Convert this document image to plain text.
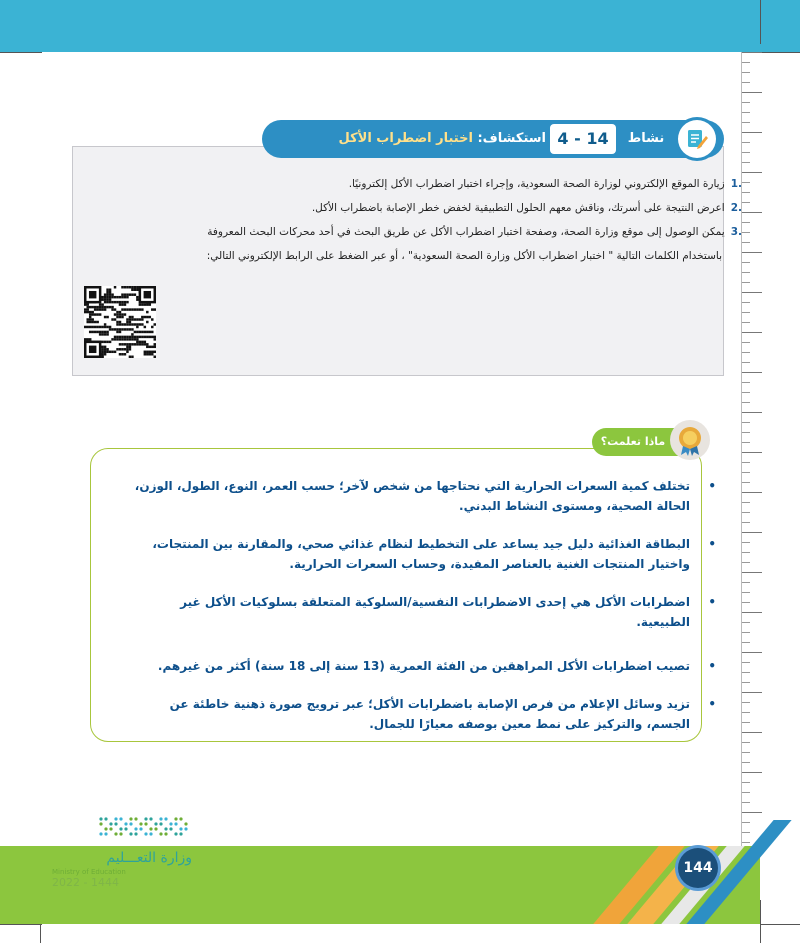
نشاط
4 - 14
استكشاف: اختبار اضطراب الأكل
.1زيارة الموقع الإلكتروني لوزارة الصحة السعودية، وإجراء اختبار اضطراب الأكل إلكترونيًا.
.2اعرض النتيجة على أسرتك، وناقش معهم الحلول التطبيقية لخفض خطر الإصابة باضطراب الأكل.
.3يمكن الوصول إلى موقع وزارة الصحة، وصفحة اختبار اضطراب الأكل عن طريق البحث في أحد محركات البحث المعروفة
باستخدام الكلمات التالية " اختبار اضطراب الأكل وزارة الصحة السعودية" ، أو عبر الضغط على الرابط الإلكتروني التالي:
ماذا تعلمت؟
•
تختلف كمية السعرات الحرارية التي نحتاجها من شخص لآخر؛ حسب العمر، النوع، الطول، الوزن، الحالة الصحية، ومستوى النشاط البدني.
•
البطاقة الغذائية دليل جيد يساعد على التخطيط لنظام غذائي صحي، والمقارنة بين المنتجات، واختيار المنتجات الغنية بالعناصر المفيدة، وحساب السعرات الحرارية.
•
اضطرابات الأكل هي إحدى الاضطرابات النفسية/السلوكية المتعلقة بسلوكيات الأكل غير الطبيعية.
•
تصيب اضطرابات الأكل المراهقين من الفئة العمرية (13 سنة إلى 18 سنة) أكثر من غيرهم.
•
تزيد وسائل الإعلام من فرص الإصابة باضطرابات الأكل؛ عبر ترويج صورة ذهنية خاطئة عن الجسم، والتركيز على نمط معين بوصفه معيارًا للجمال.
144
وزارة التعـــليم
Ministry of Education
2022 - 1444
